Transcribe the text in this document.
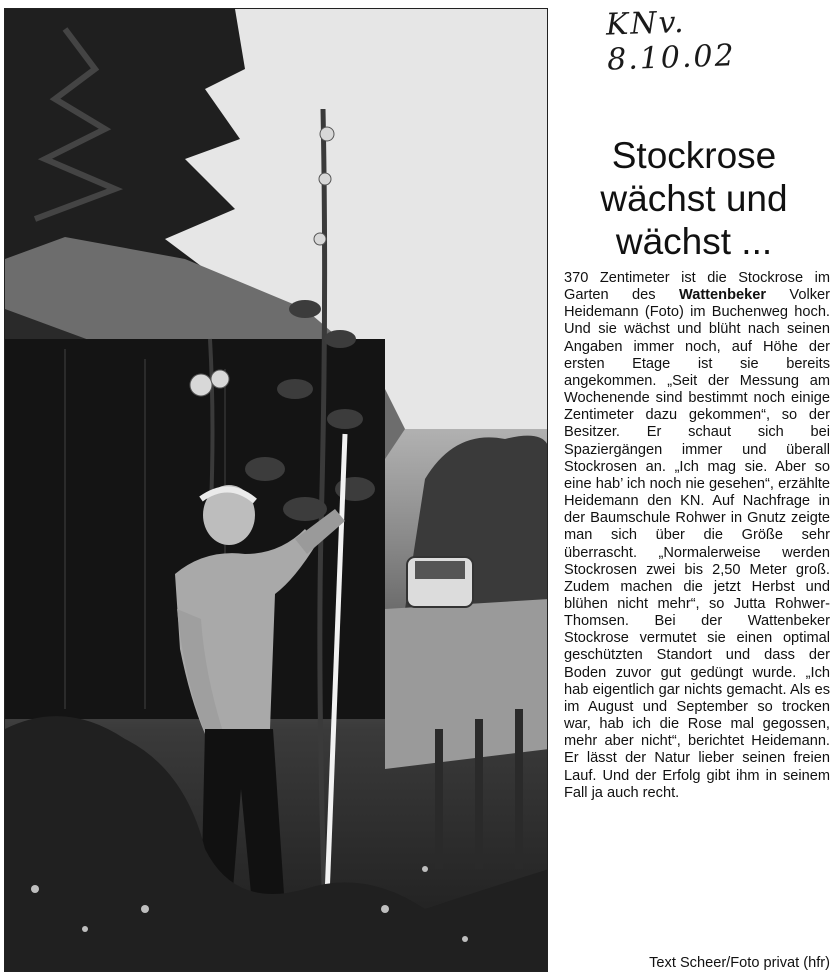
KNv. 8.10.02
Stockrose
wächst und
wächst ...

370 Zentimeter ist die Stockrose im Garten des Wattenbeker Volker Heidemann (Foto) im Buchenweg hoch. Und sie wächst und blüht nach seinen Angaben immer noch, auf Höhe der ersten Etage ist sie bereits angekommen. „Seit der Messung am Wochenende sind bestimmt noch einige Zentimeter dazu gekommen“, so der Besitzer. Er schaut sich bei Spaziergängen immer und überall Stockrosen an. „Ich mag sie. Aber so eine hab’ ich noch nie gesehen“, erzählte Heidemann den KN. Auf Nachfrage in der Baumschule Rohwer in Gnutz zeigte man sich über die Größe sehr überrascht. „Normalerweise werden Stockrosen zwei bis 2,50 Meter groß. Zudem machen die jetzt Herbst und blühen nicht mehr“, so Jutta Rohwer-Thomsen. Bei der Wattenbeker Stockrose vermutet sie einen optimal geschützten Standort und dass der Boden zuvor gut gedüngt wurde. „Ich hab eigentlich gar nichts gemacht. Als es im August und September so trocken war, hab ich die Rose mal gegossen, mehr aber nicht“, berichtet Heidemann. Er lässt der Natur lieber seinen freien Lauf. Und der Erfolg gibt ihm in seinem Fall ja auch recht.

Text Scheer/Foto privat (hfr)
